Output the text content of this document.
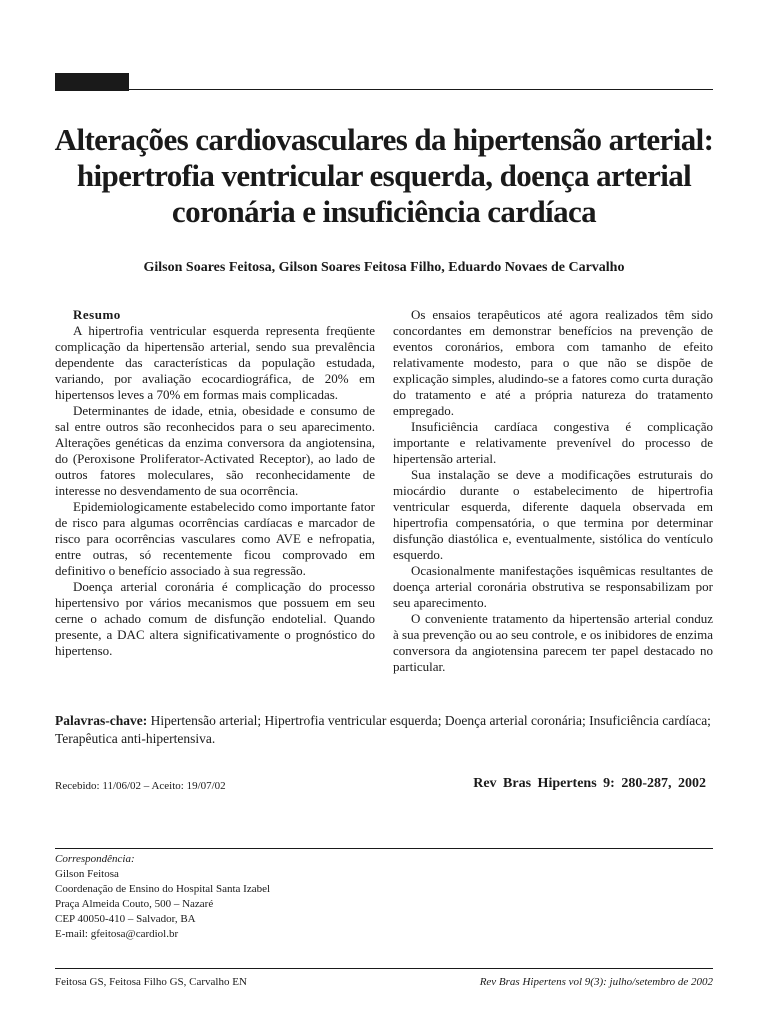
Alterações cardiovasculares da hipertensão arterial: hipertrofia ventricular esquerda, doença arterial coronária e insuficiência cardíaca

Gilson Soares Feitosa, Gilson Soares Feitosa Filho, Eduardo Novaes de Carvalho

Resumo

A hipertrofia ventricular esquerda representa freqüente complicação da hipertensão arterial, sendo sua prevalência dependente das características da população estudada, variando, por avaliação ecocardiográfica, de 20% em hipertensos leves a 70% em formas mais complicadas.

Determinantes de idade, etnia, obesidade e consumo de sal entre outros são reconhecidos para o seu aparecimento. Alterações genéticas da enzima conversora da angiotensina, do (Peroxisone Proliferator-Activated Receptor), ao lado de outros fatores moleculares, são reconhecidamente de interesse no desvendamento de sua ocorrência.

Epidemiologicamente estabelecido como importante fator de risco para algumas ocorrências cardíacas e marcador de risco para ocorrências vasculares como AVE e nefropatia, entre outras, só recentemente ficou comprovado em definitivo o benefício associado à sua regressão.

Doença arterial coronária é complicação do processo hipertensivo por vários mecanismos que possuem em seu cerne o achado comum de disfunção endotelial. Quando presente, a DAC altera significativamente o prognóstico do hipertenso.

Os ensaios terapêuticos até agora realizados têm sido concordantes em demonstrar benefícios na prevenção de eventos coronários, embora com tamanho de efeito relativamente modesto, para o que não se dispõe de explicação simples, aludindo-se a fatores como curta duração do tratamento e até a própria natureza do tratamento empregado.

Insuficiência cardíaca congestiva é complicação importante e relativamente prevenível do processo de hipertensão arterial.

Sua instalação se deve a modificações estruturais do miocárdio durante o estabelecimento de hipertrofia ventricular esquerda, diferente daquela observada em hipertrofia compensatória, o que termina por determinar disfunção diastólica e, eventualmente, sistólica do ventículo esquerdo.

Ocasionalmente manifestações isquêmicas resultantes de doença arterial coronária obstrutiva se responsabilizam por seu aparecimento.

O conveniente tratamento da hipertensão arterial conduz à sua prevenção ou ao seu controle, e os inibidores de enzima conversora da angiotensina parecem ter papel destacado no particular.

Palavras-chave: Hipertensão arterial; Hipertrofia ventricular esquerda; Doença arterial coronária; Insuficiência cardíaca; Terapêutica anti-hipertensiva.

Recebido: 11/06/02 – Aceito: 19/07/02	Rev Bras Hipertens 9: 280-287, 2002
Correspondência:
Gilson Feitosa
Coordenação de Ensino do Hospital Santa Izabel
Praça Almeida Couto, 500 – Nazaré
CEP 40050-410 – Salvador, BA
E-mail: gfeitosa@cardiol.br
Feitosa GS, Feitosa Filho GS, Carvalho EN	Rev Bras Hipertens vol 9(3): julho/setembro de 2002
